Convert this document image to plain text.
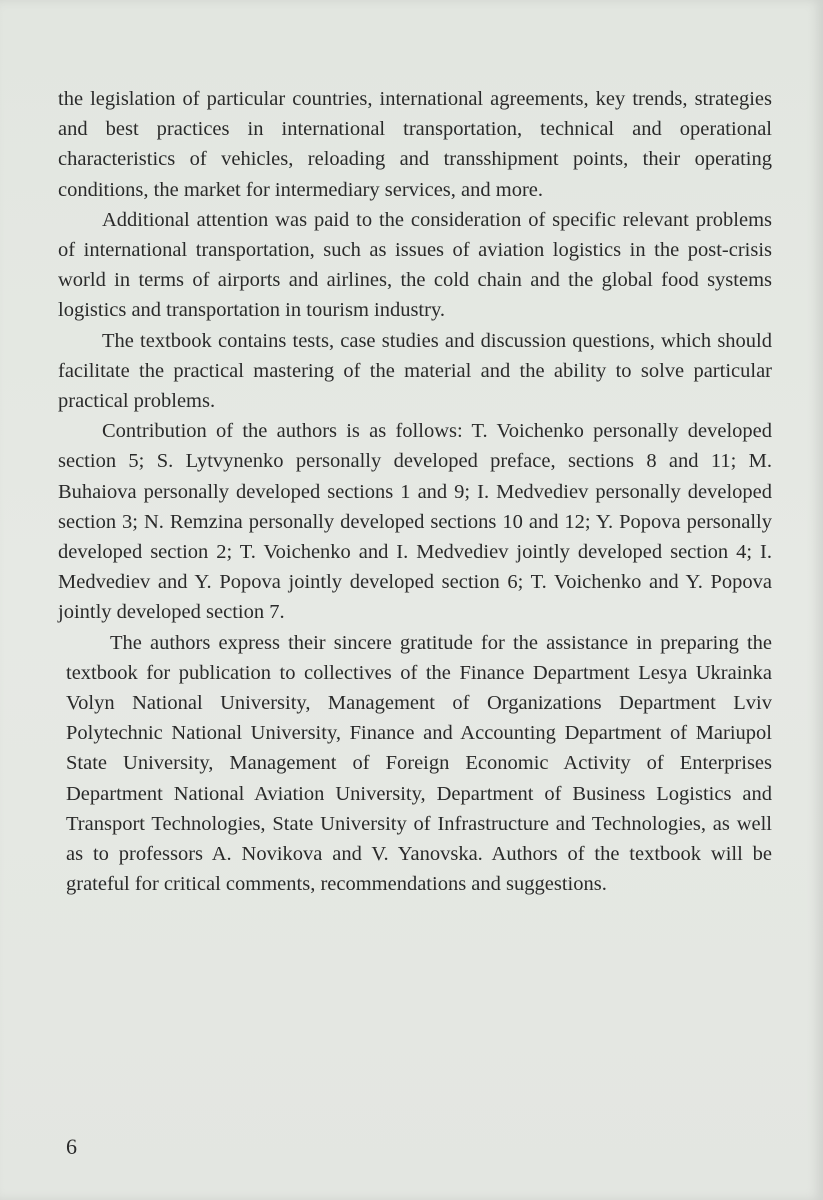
the legislation of particular countries, international agreements, key trends, strategies and best practices in international transportation, technical and operational characteristics of vehicles, reloading and transshipment points, their operating conditions, the market for intermediary services, and more.

Additional attention was paid to the consideration of specific relevant problems of international transportation, such as issues of aviation logistics in the post-crisis world in terms of airports and airlines, the cold chain and the global food systems logistics and transportation in tourism industry.

The textbook contains tests, case studies and discussion questions, which should facilitate the practical mastering of the material and the ability to solve particular practical problems.

Contribution of the authors is as follows: T. Voichenko personally developed section 5; S. Lytvynenko personally developed preface, sections 8 and 11; M. Buhaiova personally developed sections 1 and 9; I. Medvediev personally developed section 3; N. Remzina personally developed sections 10 and 12; Y. Popova personally developed section 2; T. Voichenko and I. Medvediev jointly developed section 4; I. Medvediev and Y. Popova jointly developed section 6; T. Voichenko and Y. Popova jointly developed section 7.

The authors express their sincere gratitude for the assistance in preparing the textbook for publication to collectives of the Finance Department Lesya Ukrainka Volyn National University, Management of Organizations Department Lviv Polytechnic National University, Finance and Accounting Department of Mariupol State University, Management of Foreign Economic Activity of Enterprises Department National Aviation University, Department of Business Logistics and Transport Technologies, State University of Infrastructure and Technologies, as well as to professors A. Novikova and V. Yanovska. Authors of the textbook will be grateful for critical comments, recommendations and suggestions.

6
